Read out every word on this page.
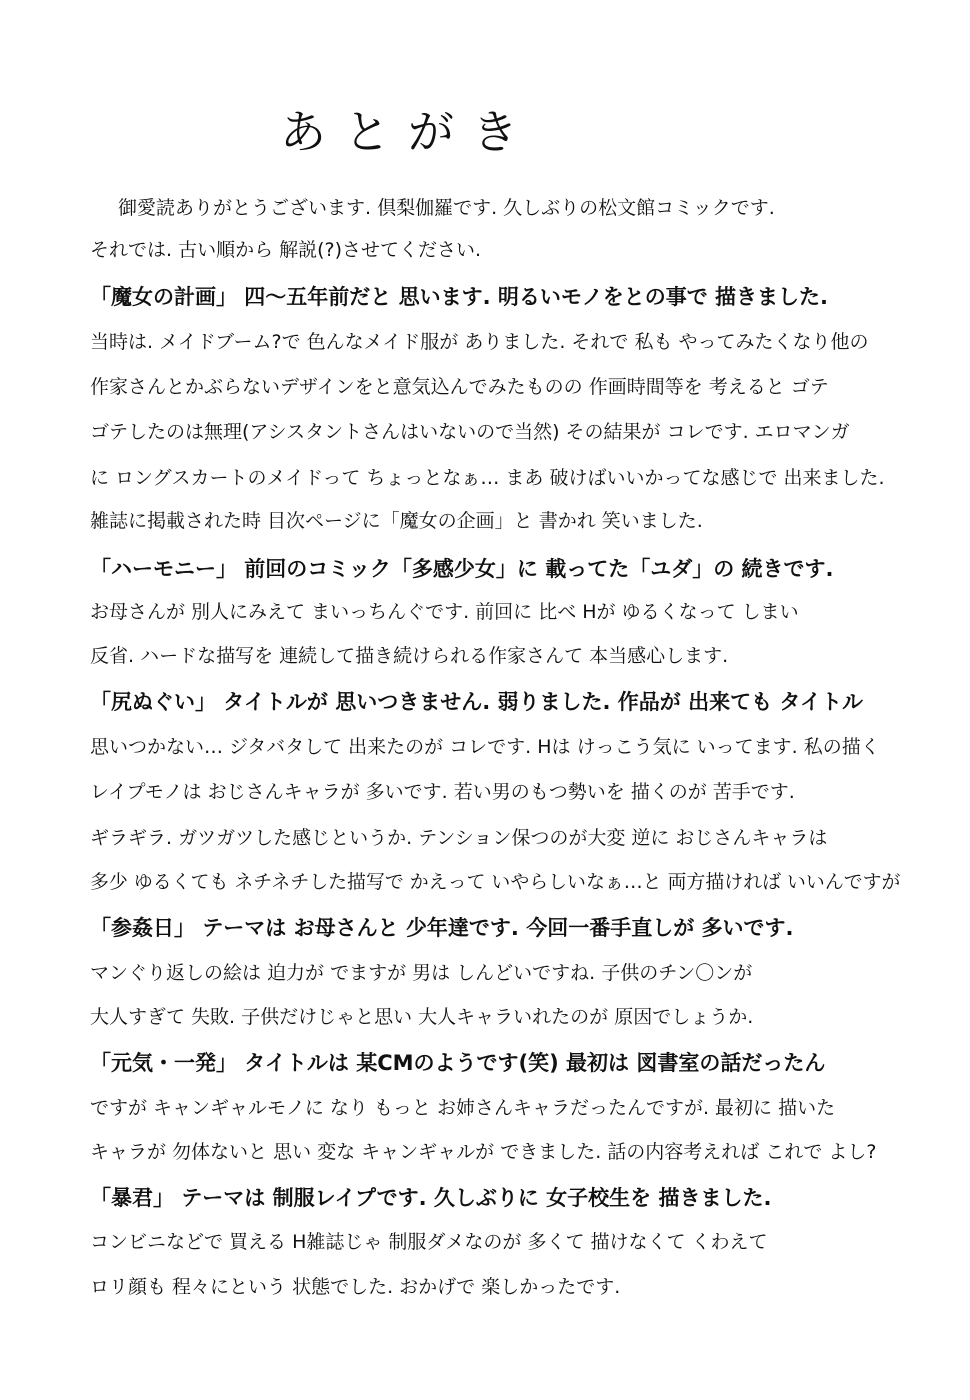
あとがき
御愛読ありがとうございます. 倶梨伽羅です. 久しぶりの松文館コミックです.
それでは. 古い順から 解説(?)させてください.
「魔女の計画」 四～五年前だと 思います. 明るいモノをとの事で 描きました.
当時は. メイドブーム?で 色んなメイド服が ありました. それで 私も やってみたくなり他の
作家さんとかぶらないデザインをと意気込んでみたものの 作画時間等を 考えると ゴテ
ゴテしたのは無理(アシスタントさんはいないので当然) その結果が コレです. エロマンガ
に ロングスカートのメイドって ちょっとなぁ… まあ 破けばいいかってな感じで 出来ました.
雑誌に掲載された時 目次ページに「魔女の企画」と 書かれ 笑いました.
「ハーモニー」 前回のコミック「多感少女」に 載ってた「ユダ」の 続きです.
お母さんが 別人にみえて まいっちんぐです. 前回に 比べ Hが ゆるくなって しまい
反省. ハードな描写を 連続して描き続けられる作家さんて 本当感心します.
「尻ぬぐい」 タイトルが 思いつきません. 弱りました. 作品が 出来ても タイトル
思いつかない… ジタバタして 出来たのが コレです. Hは けっこう気に いってます. 私の描く
レイプモノは おじさんキャラが 多いです. 若い男のもつ勢いを 描くのが 苦手です.
ギラギラ. ガツガツした感じというか. テンション保つのが大変 逆に おじさんキャラは
多少 ゆるくても ネチネチした描写で かえって いやらしいなぁ…と 両方描ければ いいんですが
「参姦日」 テーマは お母さんと 少年達です. 今回一番手直しが 多いです.
マンぐり返しの絵は 迫力が でますが 男は しんどいですね. 子供のチン〇ンが
大人すぎて 失敗. 子供だけじゃと思い 大人キャラいれたのが 原因でしょうか.
「元気・一発」 タイトルは 某CMのようです(笑) 最初は 図書室の話だったん
ですが キャンギャルモノに なり もっと お姉さんキャラだったんですが. 最初に 描いた
キャラが 勿体ないと 思い 変な キャンギャルが できました. 話の内容考えれば これで よし?
「暴君」 テーマは 制服レイプです. 久しぶりに 女子校生を 描きました.
コンビニなどで 買える H雑誌じゃ 制服ダメなのが 多くて 描けなくて くわえて
ロリ顔も 程々にという 状態でした. おかげで 楽しかったです.
